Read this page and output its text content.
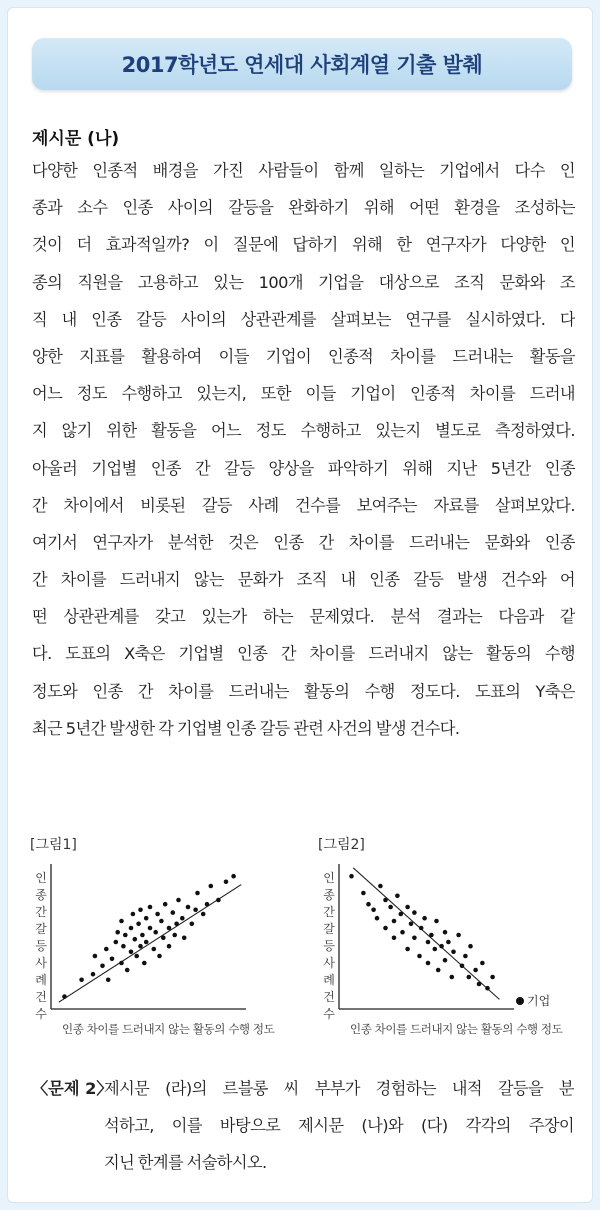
2017학년도 연세대 사회계열 기출 발췌
제시문 (나)
다양한 인종적 배경을 가진 사람들이 함께 일하는 기업에서 다수 인
종과 소수 인종 사이의 갈등을 완화하기 위해 어떤 환경을 조성하는
것이 더 효과적일까? 이 질문에 답하기 위해 한 연구자가 다양한 인
종의 직원을 고용하고 있는 100개 기업을 대상으로 조직 문화와 조
직 내 인종 갈등 사이의 상관관계를 살펴보는 연구를 실시하였다. 다
양한 지표를 활용하여 이들 기업이 인종적 차이를 드러내는 활동을
어느 정도 수행하고 있는지, 또한 이들 기업이 인종적 차이를 드러내
지 않기 위한 활동을 어느 정도 수행하고 있는지 별도로 측정하였다.
아울러 기업별 인종 간 갈등 양상을 파악하기 위해 지난 5년간 인종
간 차이에서 비롯된 갈등 사례 건수를 보여주는 자료를 살펴보았다.
여기서 연구자가 분석한 것은 인종 간 차이를 드러내는 문화와 인종
간 차이를 드러내지 않는 문화가 조직 내 인종 갈등 발생 건수와 어
떤 상관관계를 갖고 있는가 하는 문제였다. 분석 결과는 다음과 같
다. 도표의 X축은 기업별 인종 간 차이를 드러내지 않는 활동의 수행
정도와 인종 간 차이를 드러내는 활동의 수행 정도다. 도표의 Y축은
최근 5년간 발생한 각 기업별 인종 갈등 관련 사건의 발생 건수다.
[그림1]
인
종
간
갈
등
사
례
건
수
인종 차이를 드러내지 않는 활동의 수행 정도
[그림2]
인
종
간
갈
등
사
례
건
수
기업
인종 차이를 드러내지 않는 활동의 수행 정도
〈문제 2〉
제시문 (라)의 르블롱 씨 부부가 경험하는 내적 갈등을 분
석하고, 이를 바탕으로 제시문 (나)와 (다) 각각의 주장이
지닌 한계를 서술하시오.
